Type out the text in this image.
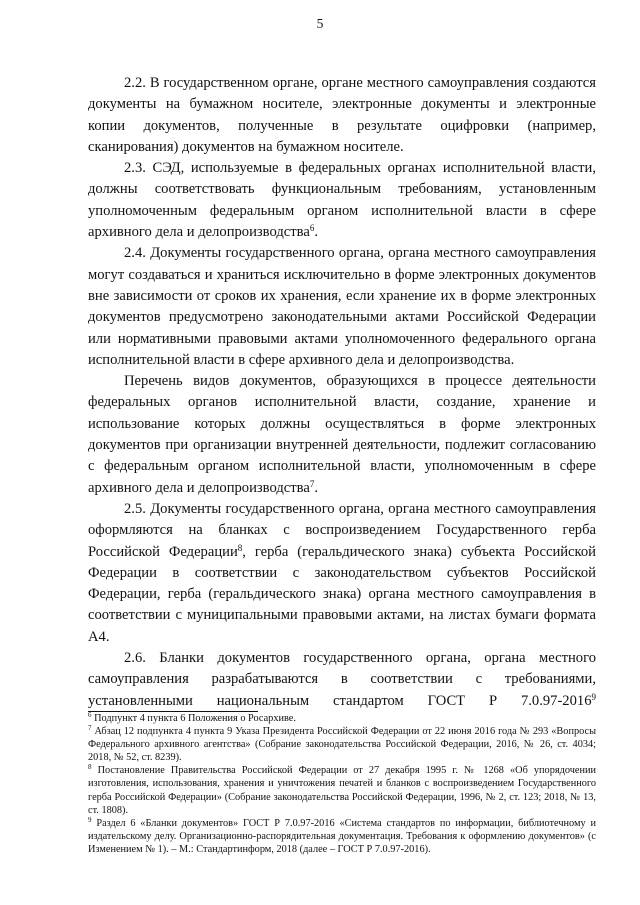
5

2.2. В государственном органе, органе местного самоуправления создаются документы на бумажном носителе, электронные документы и электронные копии документов, полученные в результате оцифровки (например, сканирования) документов на бумажном носителе.

2.3. СЭД, используемые в федеральных органах исполнительной власти, должны соответствовать функциональным требованиям, установленным уполномоченным федеральным органом исполнительной власти в сфере архивного дела и делопроизводства$^6$.

2.4. Документы государственного органа, органа местного самоуправления могут создаваться и храниться исключительно в форме электронных документов вне зависимости от сроков их хранения, если хранение их в форме электронных документов предусмотрено законодательными актами Российской Федерации или нормативными правовыми актами уполномоченного федерального органа исполнительной власти в сфере архивного дела и делопроизводства.

Перечень видов документов, образующихся в процессе деятельности федеральных органов исполнительной власти, создание, хранение и использование которых должны осуществляться в форме электронных документов при организации внутренней деятельности, подлежит согласованию с федеральным органом исполнительной власти, уполномоченным в сфере архивного дела и делопроизводства$^7$.

2.5. Документы государственного органа, органа местного самоуправления оформляются на бланках с воспроизведением Государственного герба Российской Федерации$^8$, герба (геральдического знака) субъекта Российской Федерации в соответствии с законодательством субъектов Российской Федерации, герба (геральдического знака) органа местного самоуправления в соответствии с муниципальными правовыми актами, на листах бумаги формата А4.

2.6. Бланки документов государственного органа, органа местного самоуправления разрабатываются в соответствии с требованиями, установленными национальным стандартом ГОСТ Р 7.0.97-2016$^9$

$^6$ Подпункт 4 пункта 6 Положения о Росархиве.

$^7$ Абзац 12 подпункта 4 пункта 9 Указа Президента Российской Федерации от 22 июня 2016 года № 293 «Вопросы Федерального архивного агентства» (Собрание законодательства Российской Федерации, 2016, № 26, ст. 4034; 2018, № 52, ст. 8239).

$^8$ Постановление Правительства Российской Федерации от 27 декабря 1995 г. № 1268 «Об упорядочении изготовления, использования, хранения и уничтожения печатей и бланков с воспроизведением Государственного герба Российской Федерации» (Собрание законодательства Российской Федерации, 1996, № 2, ст. 123; 2018, № 13, ст. 1808).

$^9$ Раздел 6 «Бланки документов» ГОСТ Р 7.0.97-2016 «Система стандартов по информации, библиотечному и издательскому делу. Организационно-распорядительная документация. Требования к оформлению документов» (с Изменением № 1). – М.: Стандартинформ, 2018 (далее – ГОСТ Р 7.0.97-2016).
